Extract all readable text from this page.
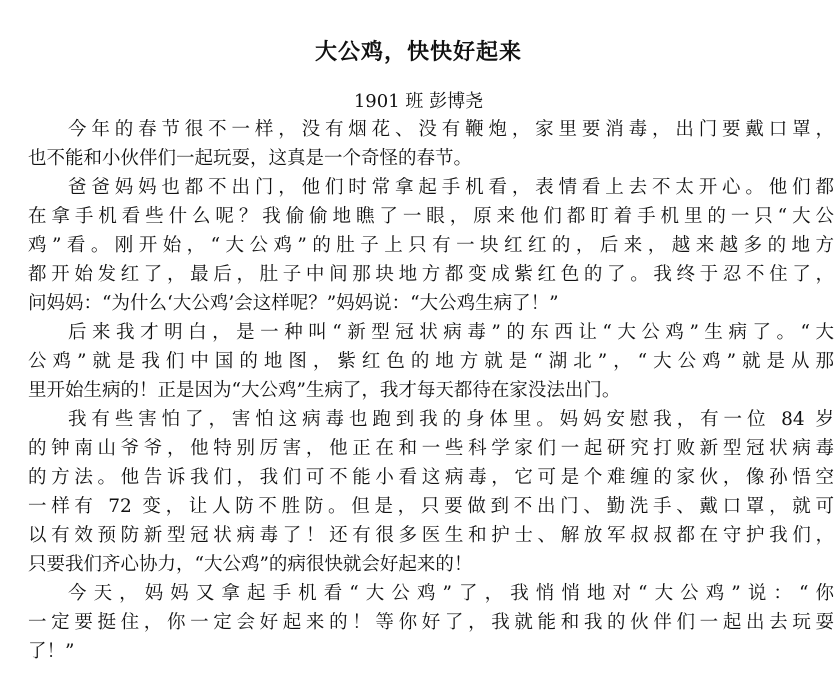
大公鸡，快快好起来
1901 班 彭博尧
今年的春节很不一样，没有烟花、没有鞭炮，家里要消毒，出门要戴口罩，
也不能和小伙伴们一起玩耍，这真是一个奇怪的春节。
爸爸妈妈也都不出门，他们时常拿起手机看，表情看上去不太开心。他们都
在拿手机看些什么呢？我偷偷地瞧了一眼，原来他们都盯着手机里的一只“大公
鸡”看。刚开始，“大公鸡”的肚子上只有一块红红的，后来，越来越多的地方
都开始发红了，最后，肚子中间那块地方都变成紫红色的了。我终于忍不住了，
问妈妈：“为什么‘大公鸡’会这样呢？”妈妈说：“大公鸡生病了！”
后来我才明白，是一种叫“新型冠状病毒”的东西让“大公鸡”生病了。“大
公鸡”就是我们中国的地图，紫红色的地方就是“湖北”，“大公鸡”就是从那
里开始生病的！正是因为“大公鸡”生病了，我才每天都待在家没法出门。
我有些害怕了，害怕这病毒也跑到我的身体里。妈妈安慰我，有一位 84 岁
的钟南山爷爷，他特别厉害，他正在和一些科学家们一起研究打败新型冠状病毒
的方法。他告诉我们，我们可不能小看这病毒，它可是个难缠的家伙，像孙悟空
一样有 72 变，让人防不胜防。但是，只要做到不出门、勤洗手、戴口罩，就可
以有效预防新型冠状病毒了！还有很多医生和护士、解放军叔叔都在守护我们，
只要我们齐心协力，“大公鸡”的病很快就会好起来的！
今天，妈妈又拿起手机看“大公鸡”了，我悄悄地对“大公鸡”说：“你
一定要挺住，你一定会好起来的！等你好了，我就能和我的伙伴们一起出去玩耍
了！”
